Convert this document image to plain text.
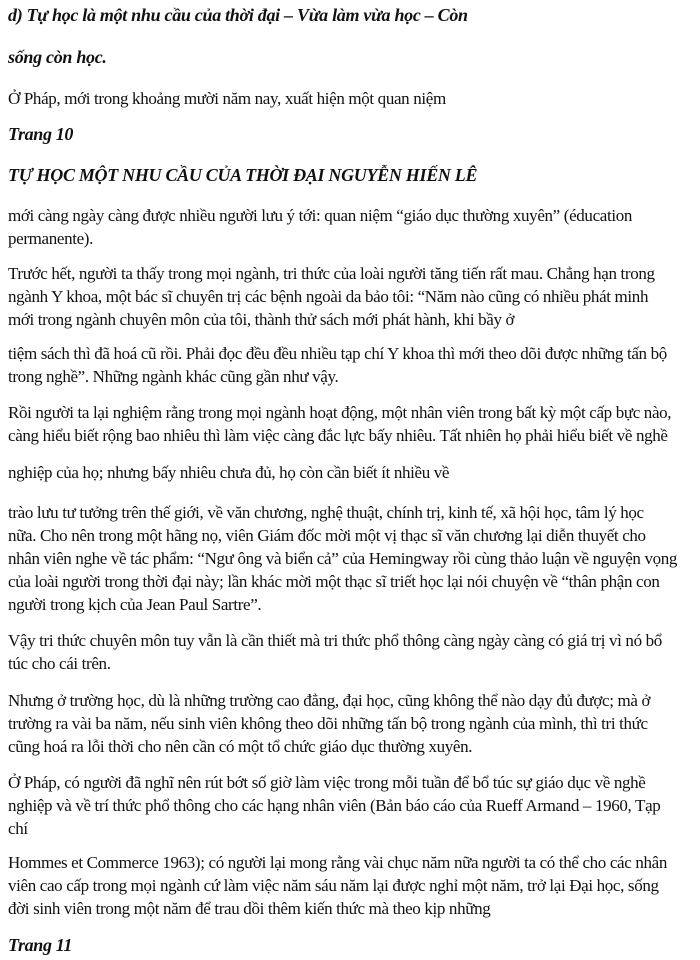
d) Tự học là một nhu cầu của thời đại – Vừa làm vừa học – Còn
sống còn học.
Ở Pháp, mới trong khoảng mười năm nay, xuất hiện một quan niệm
Trang 10
TỰ HỌC MỘT NHU CẦU CỦA THỜI ĐẠI NGUYỄN HIẾN LÊ
mới càng ngày càng được nhiều người lưu ý tới: quan niệm “giáo dục thường xuyên” (éducation
permanente).
Trước hết, người ta thấy trong mọi ngành, tri thức của loài người tăng tiến rất mau. Chẳng hạn trong
ngành Y khoa, một bác sĩ chuyên trị các bệnh ngoài da bảo tôi: “Năm nào cũng có nhiều phát minh
mới trong ngành chuyên môn của tôi, thành thử sách mới phát hành, khi bầy ở
tiệm sách thì đã hoá cũ rồi. Phải đọc đều đều nhiều tạp chí Y khoa thì mới theo dõi được những tấn bộ
trong nghề”. Những ngành khác cũng gần như vậy.
Rồi người ta lại nghiệm rằng trong mọi ngành hoạt động, một nhân viên trong bất kỳ một cấp bực nào,
càng hiểu biết rộng bao nhiêu thì làm việc càng đắc lực bấy nhiêu. Tất nhiên họ phải hiểu biết về nghề
nghiệp của họ; nhưng bấy nhiêu chưa đủ, họ còn cần biết ít nhiều về
trào lưu tư tưởng trên thế giới, về văn chương, nghệ thuật, chính trị, kinh tế, xã hội học, tâm lý học
nữa. Cho nên trong một hãng nọ, viên Giám đốc mời một vị thạc sĩ văn chương lại diễn thuyết cho
nhân viên nghe về tác phẩm: “Ngư ông và biển cả” của Hemingway rồi cùng thảo luận về nguyện vọng
của loài người trong thời đại này; lần khác mời một thạc sĩ triết học lại nói chuyện về “thân phận con
người trong kịch của Jean Paul Sartre”.
Vậy tri thức chuyên môn tuy vẫn là cần thiết mà tri thức phổ thông càng ngày càng có giá trị vì nó bổ
túc cho cái trên.
Nhưng ở trường học, dù là những trường cao đẳng, đại học, cũng không thể nào dạy đủ được; mà ở
trường ra vài ba năm, nếu sinh viên không theo dõi những tấn bộ trong ngành của mình, thì tri thức
cũng hoá ra lỗi thời cho nên cần có một tổ chức giáo dục thường xuyên.
Ở Pháp, có người đã nghĩ nên rút bớt số giờ làm việc trong mỗi tuần để bổ túc sự giáo dục về nghề
nghiệp và về trí thức phổ thông cho các hạng nhân viên (Bản báo cáo của Rueff Armand – 1960, Tạp
chí
Hommes et Commerce 1963); có người lại mong rằng vài chục năm nữa người ta có thể cho các nhân
viên cao cấp trong mọi ngành cứ làm việc năm sáu năm lại được nghỉ một năm, trở lại Đại học, sống
đời sinh viên trong một năm để trau dồi thêm kiến thức mà theo kịp những
Trang 11
